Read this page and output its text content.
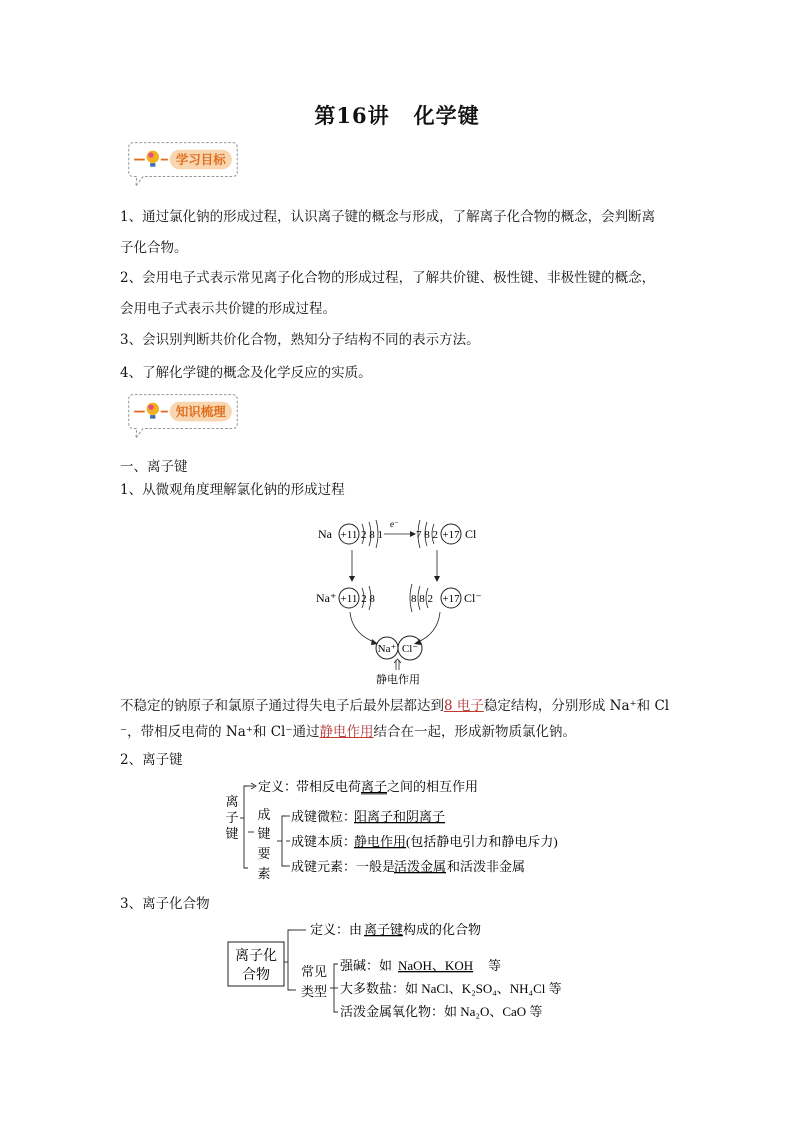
第16讲 化学键
学习目标
1、通过氯化钠的形成过程，认识离子键的概念与形成，了解离子化合物的概念，会判断离
子化合物。
2、会用电子式表示常见离子化合物的形成过程，了解共价键、极性键、非极性键的概念，
会用电子式表示共价键的形成过程。
3、会识别判断共价化合物，熟知分子结构不同的表示方法。
4、了解化学键的概念及化学反应的实质。
知识梳理
一、离子键
1、从微观角度理解氯化钠的形成过程
Na +11 2 8 1
e⁻
7 8 2 +17 Cl
Na⁺ +11 2 8	8 8 2 +17 Cl⁻
Na⁺ Cl⁻
静电作用
不稳定的钠原子和氯原子通过得失电子后最外层都达到8 电子稳定结构，分别形成 Na⁺和 Cl
⁻，带相反电荷的 Na⁺和 Cl⁻通过静电作用结合在一起，形成新物质氯化钠。
2、离子键
离
子
键
定义：
带相反电荷离子之间的相互作用
成
键
要
素
成键微粒：
阳离子和阴离子
成键本质：
静电作用 (包括静电引力和静电斥力)
成键元素：一般是
活泼金属 和活泼非金属
3、离子化合物
离子化
合物
定义：由 离子键 构成的化合物
常见
类型
强碱：如 NaOH、KOH 等
大多数盐：如 NaCl、K₂SO₄、NH₄Cl 等
活泼金属氧化物：如 Na₂O、CaO 等
